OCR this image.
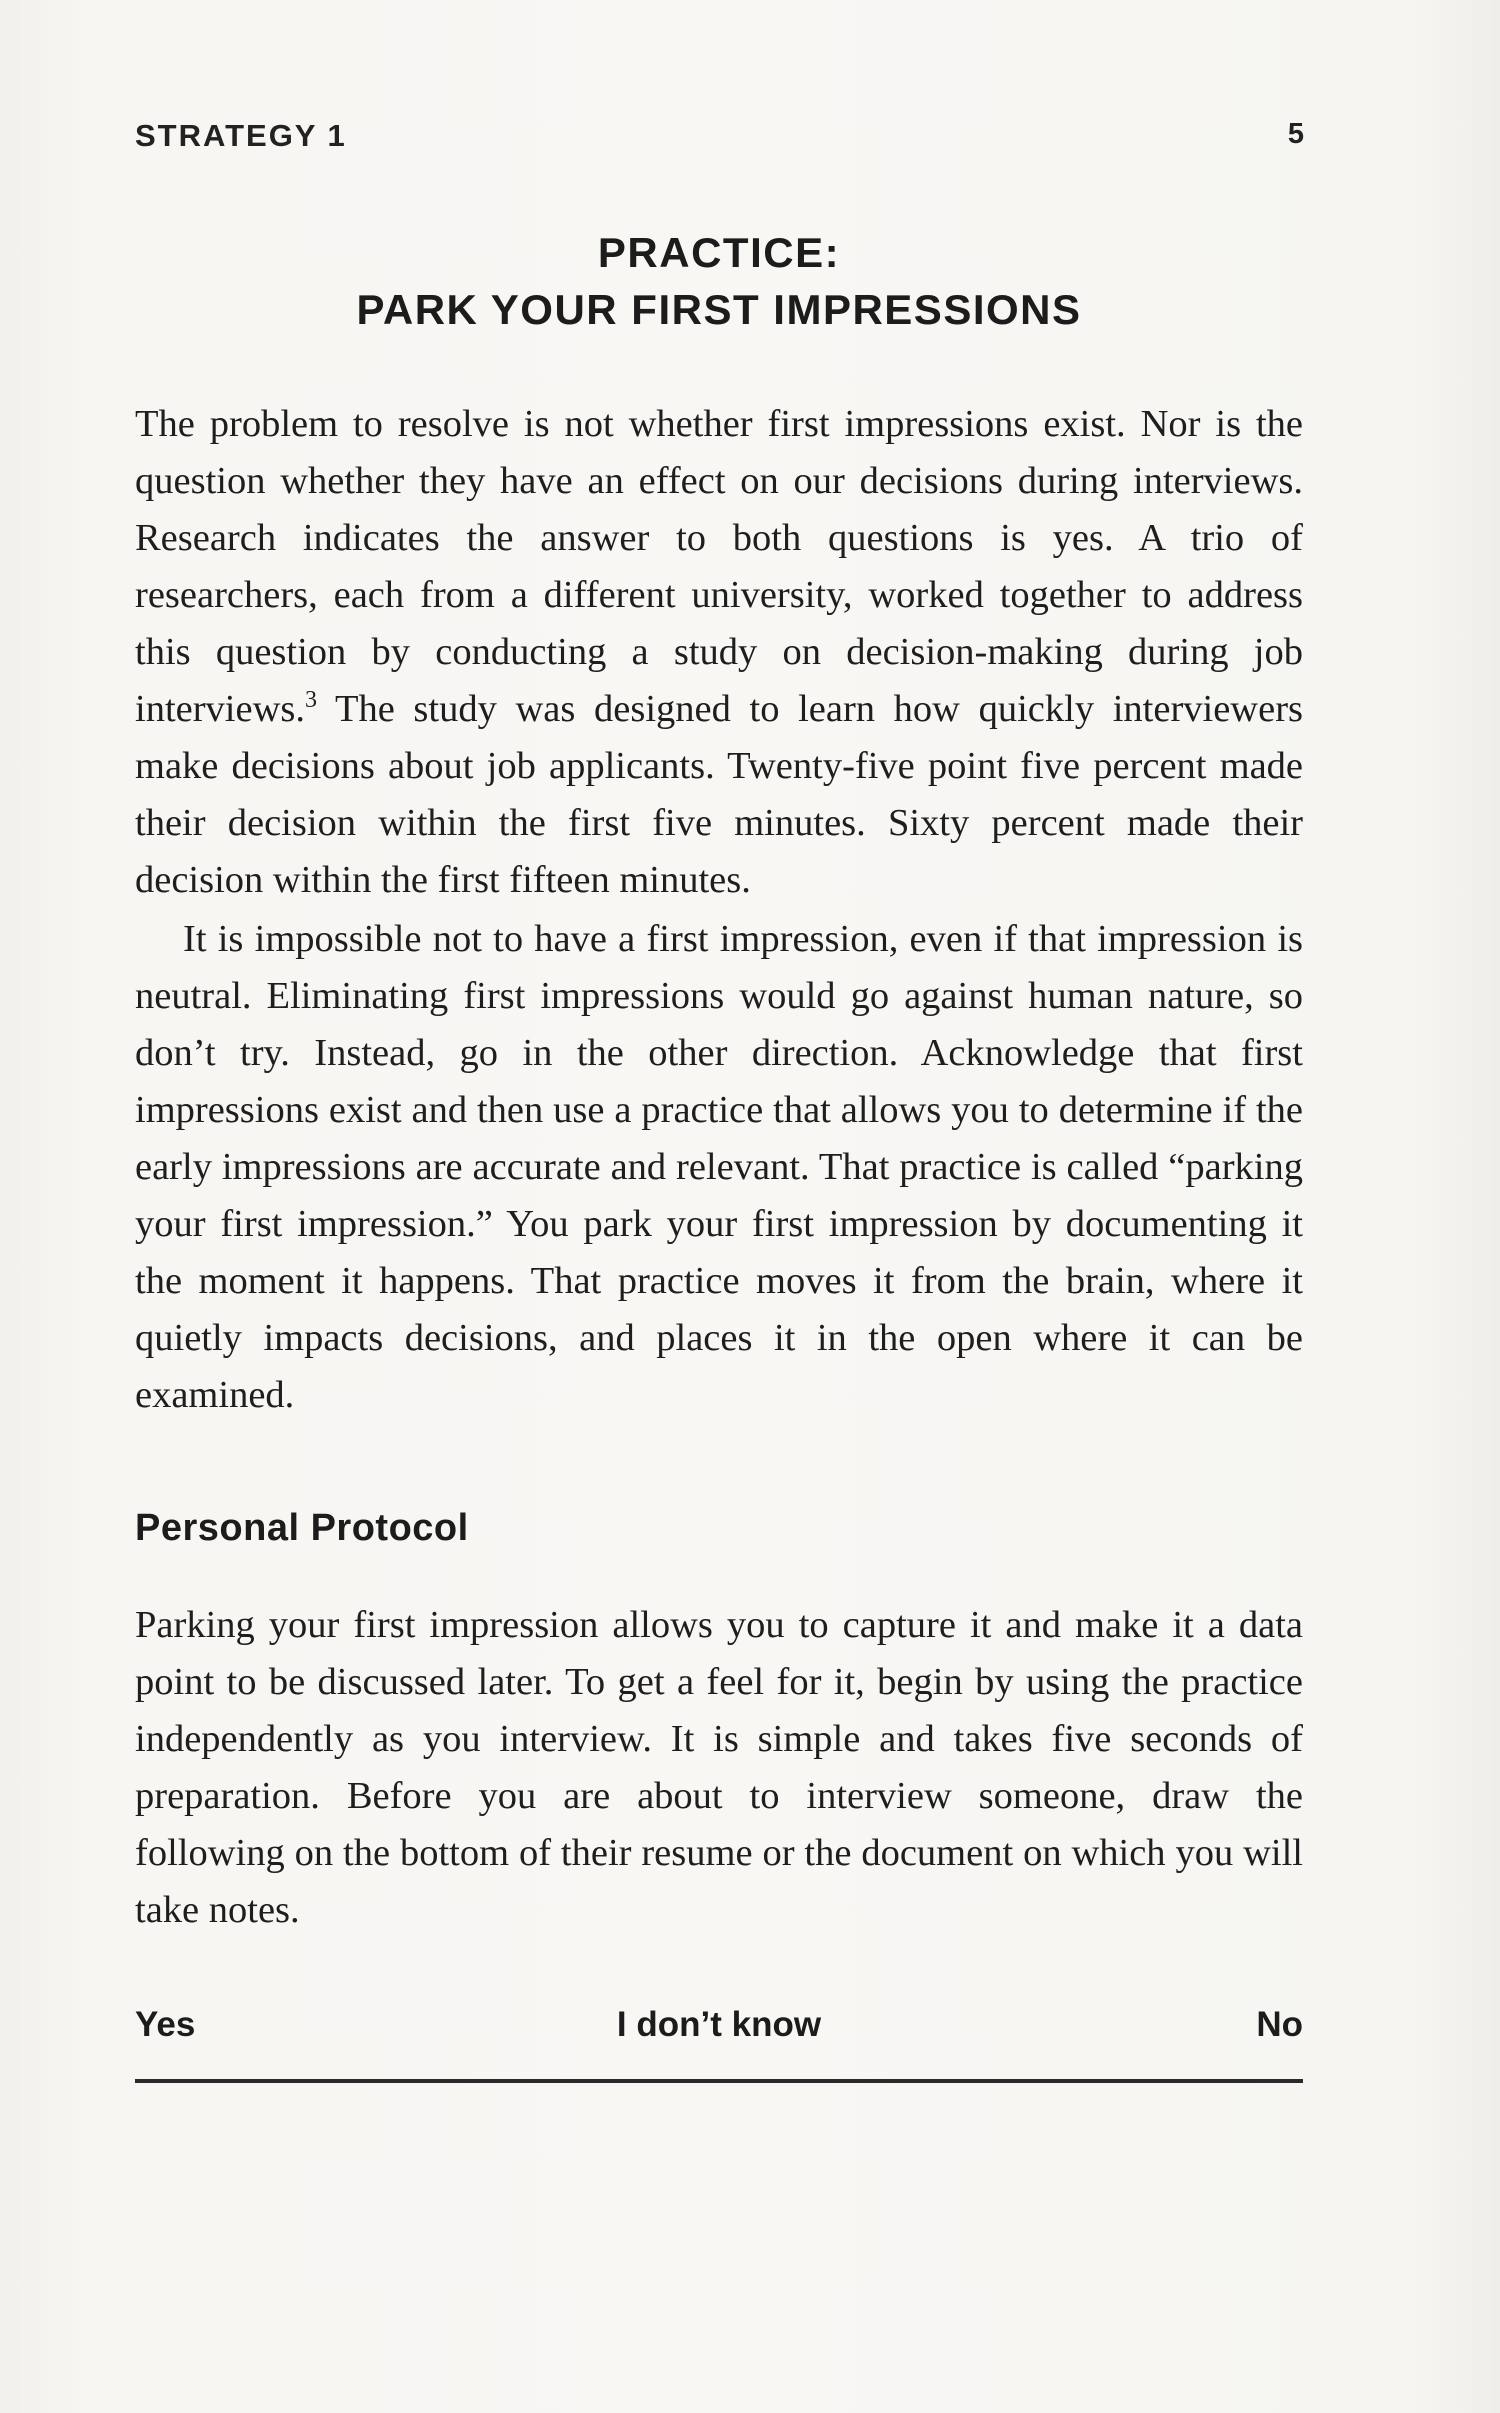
STRATEGY 1	5
PRACTICE:
PARK YOUR FIRST IMPRESSIONS

The problem to resolve is not whether first impressions exist. Nor is the question whether they have an effect on our decisions during interviews. Research indicates the answer to both questions is yes. A trio of researchers, each from a different university, worked together to address this question by conducting a study on decision-making during job interviews.$^3$ The study was designed to learn how quickly interviewers make decisions about job applicants. Twenty-five point five percent made their decision within the first five minutes. Sixty percent made their decision within the first fifteen minutes.

It is impossible not to have a first impression, even if that impression is neutral. Eliminating first impressions would go against human nature, so don’t try. Instead, go in the other direction. Acknowledge that first impressions exist and then use a practice that allows you to determine if the early impressions are accurate and relevant. That practice is called “parking your first impression.” You park your first impression by documenting it the moment it happens. That practice moves it from the brain, where it quietly impacts decisions, and places it in the open where it can be examined.

Personal Protocol

Parking your first impression allows you to capture it and make it a data point to be discussed later. To get a feel for it, begin by using the practice independently as you interview. It is simple and takes five seconds of preparation. Before you are about to interview someone, draw the following on the bottom of their resume or the document on which you will take notes.

I don’t know
Yes	No
